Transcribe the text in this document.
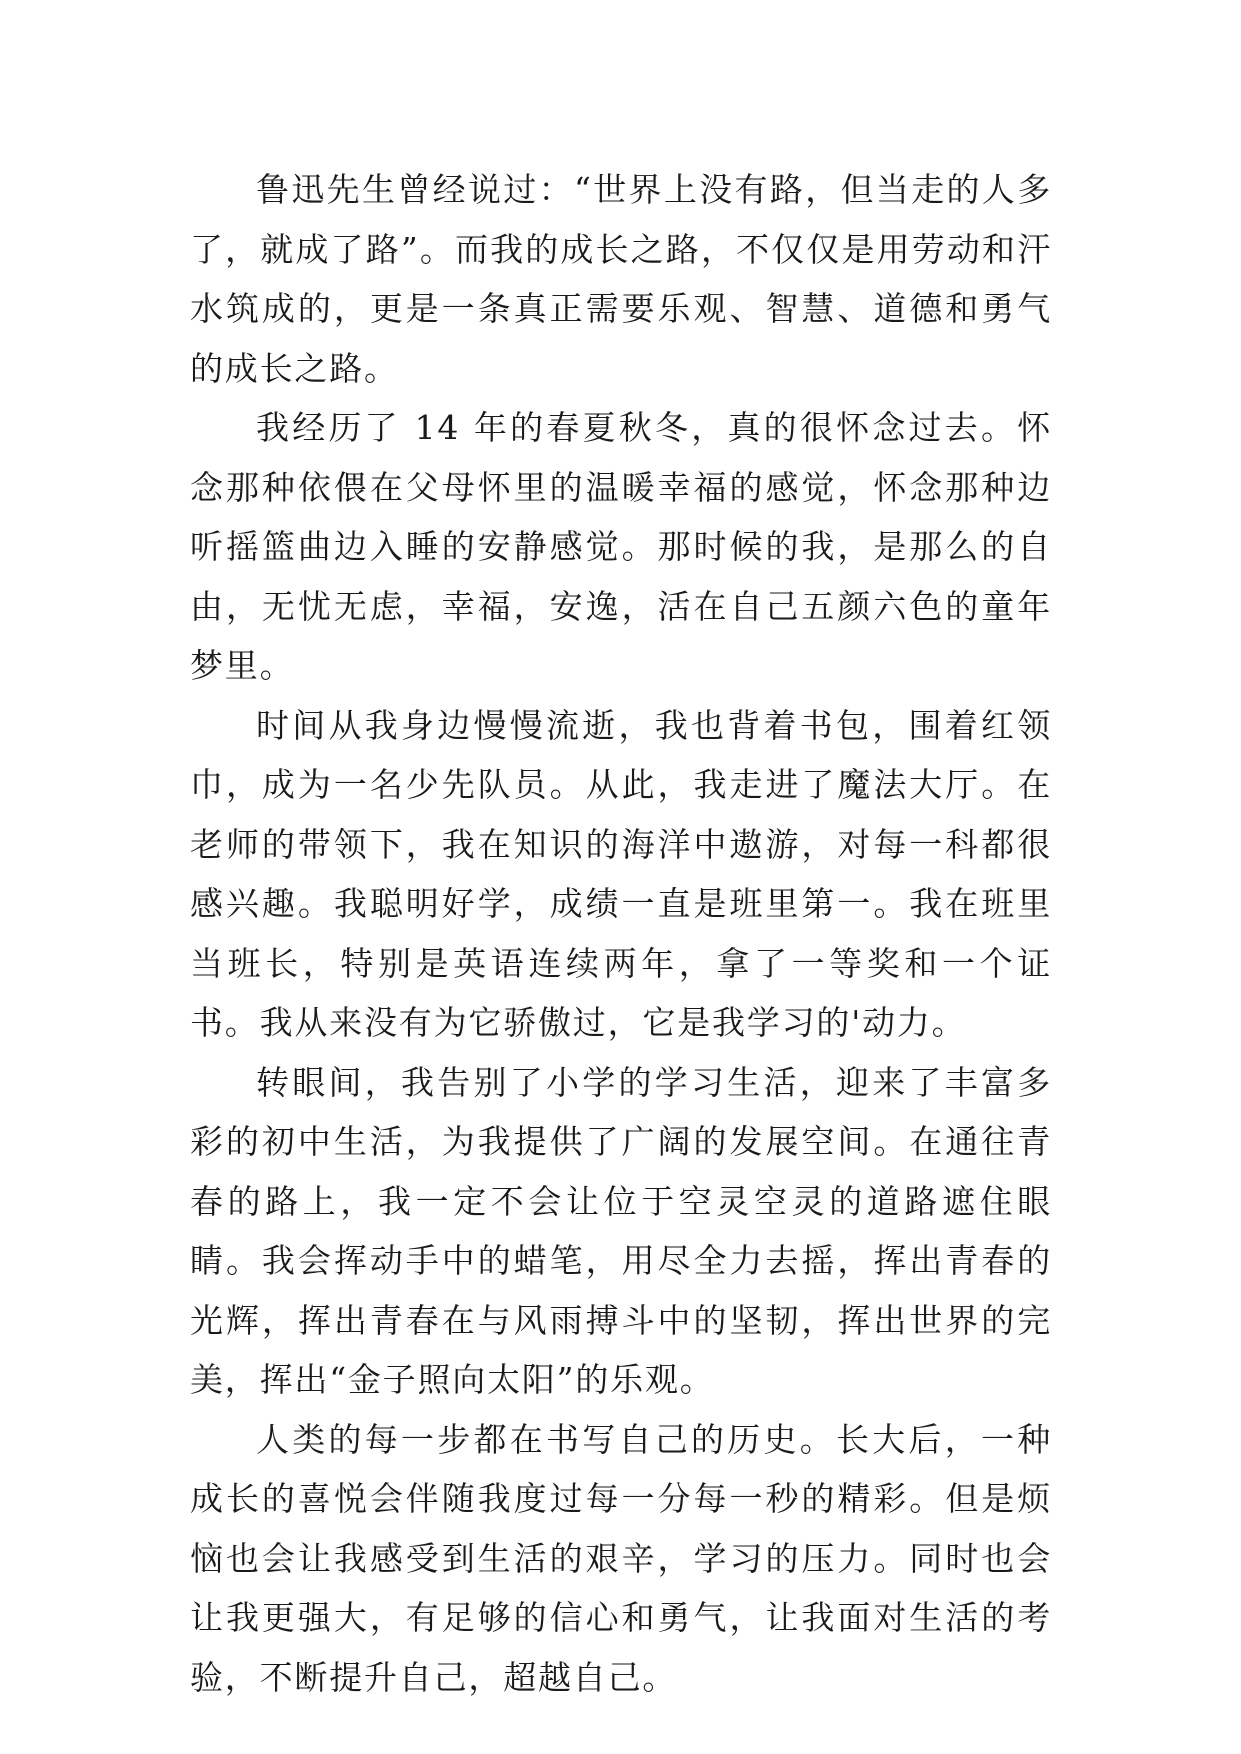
鲁迅先生曾经说过：“世界上没有路，但当走的人多了，就成了路”。而我的成长之路，不仅仅是用劳动和汗水筑成的，更是一条真正需要乐观、智慧、道德和勇气的成长之路。

我经历了 14 年的春夏秋冬，真的很怀念过去。怀念那种依偎在父母怀里的温暖幸福的感觉，怀念那种边听摇篮曲边入睡的安静感觉。那时候的我，是那么的自由，无忧无虑，幸福，安逸，活在自己五颜六色的童年梦里。

时间从我身边慢慢流逝，我也背着书包，围着红领巾，成为一名少先队员。从此，我走进了魔法大厅。在老师的带领下，我在知识的海洋中遨游，对每一科都很感兴趣。我聪明好学，成绩一直是班里第一。我在班里当班长，特别是英语连续两年，拿了一等奖和一个证书。我从来没有为它骄傲过，它是我学习的'动力。

转眼间，我告别了小学的学习生活，迎来了丰富多彩的初中生活，为我提供了广阔的发展空间。在通往青春的路上，我一定不会让位于空灵空灵的道路遮住眼睛。我会挥动手中的蜡笔，用尽全力去摇，挥出青春的光辉，挥出青春在与风雨搏斗中的坚韧，挥出世界的完美，挥出“金子照向太阳”的乐观。

人类的每一步都在书写自己的历史。长大后，一种成长的喜悦会伴随我度过每一分每一秒的精彩。但是烦恼也会让我感受到生活的艰辛，学习的压力。同时也会让我更强大，有足够的信心和勇气，让我面对生活的考验，不断提升自己，超越自己。
